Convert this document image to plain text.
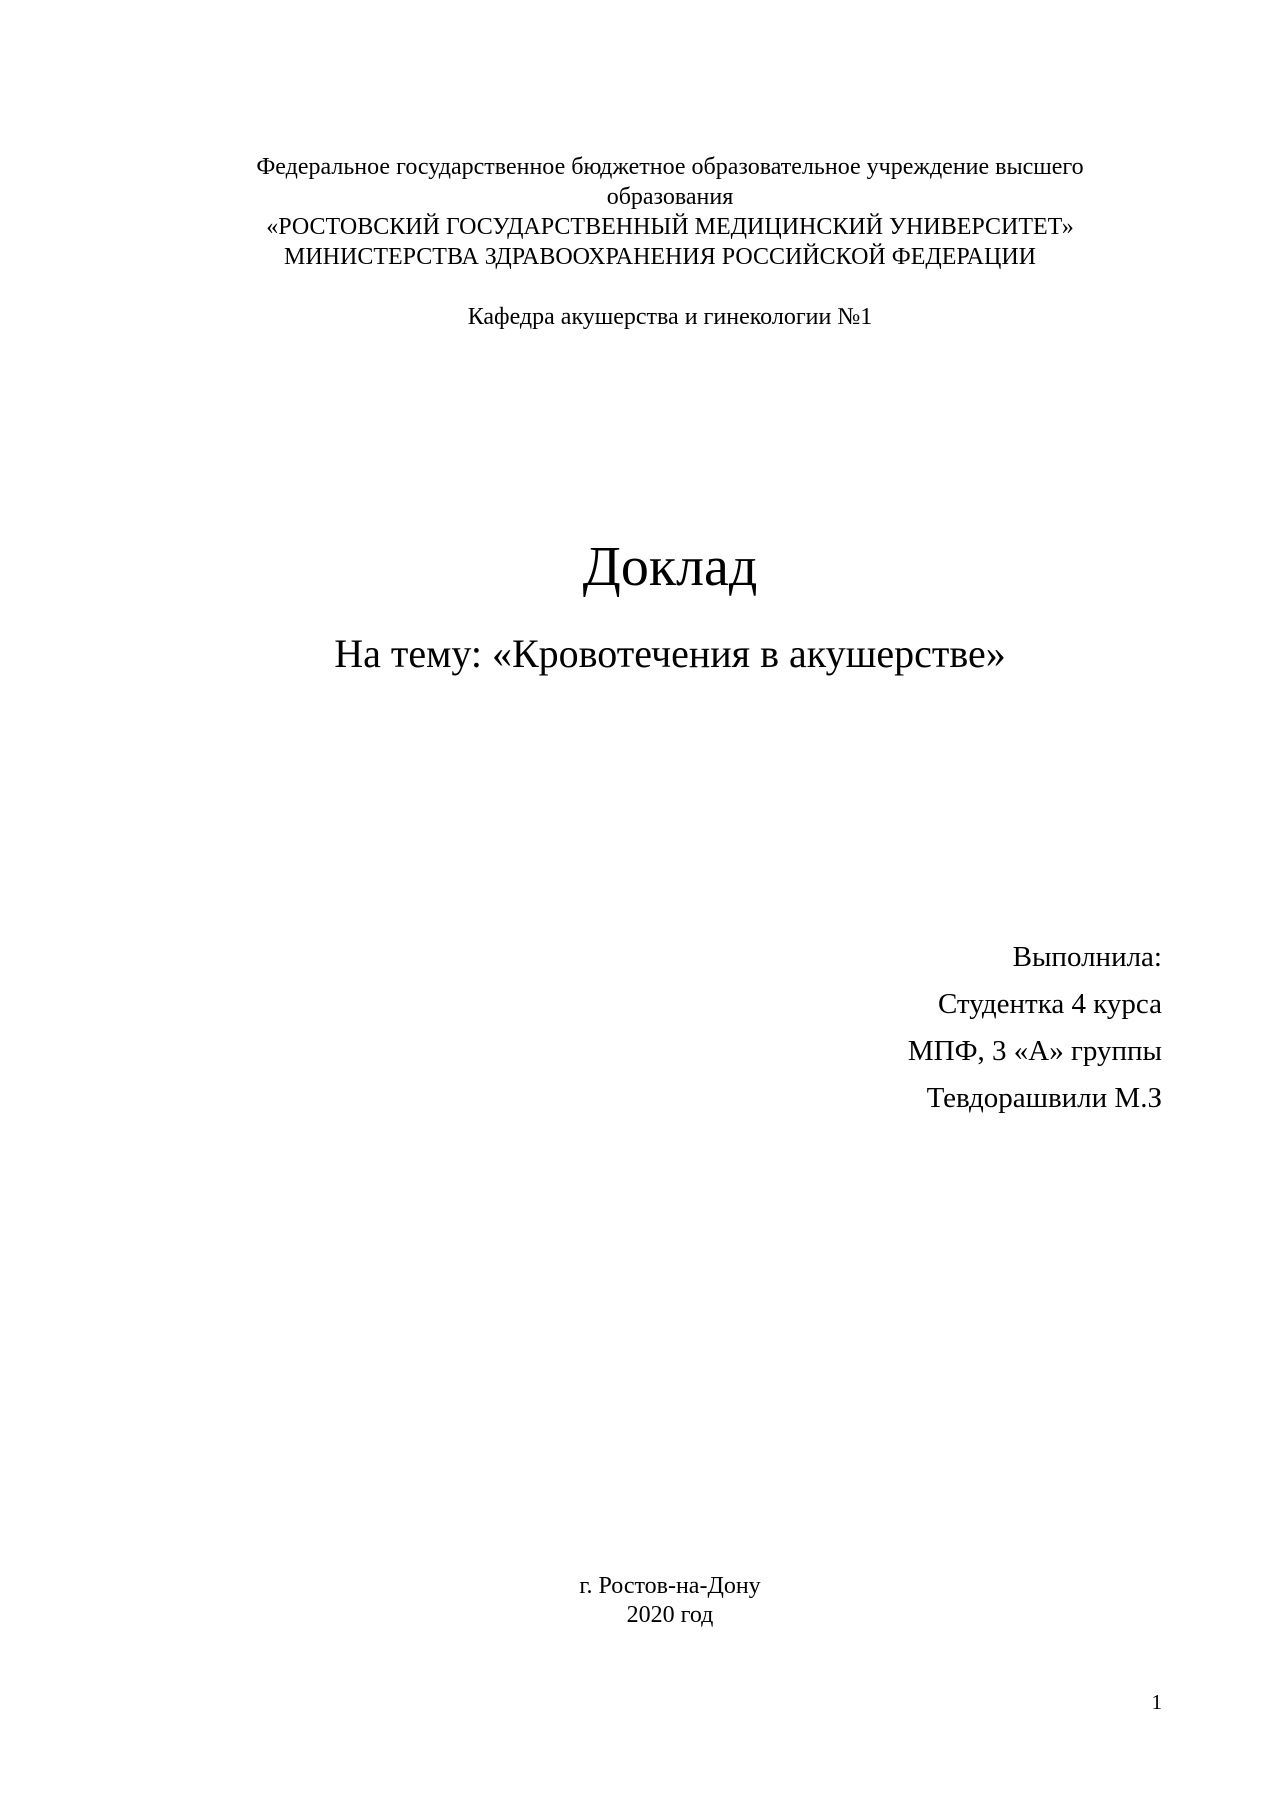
Федеральное государственное бюджетное образовательное учреждение высшего
образования
«РОСТОВСКИЙ ГОСУДАРСТВЕННЫЙ МЕДИЦИНСКИЙ УНИВЕРСИТЕТ»
МИНИСТЕРСТВА ЗДРАВООХРАНЕНИЯ РОССИЙСКОЙ ФЕДЕРАЦИИ
Кафедра акушерства и гинекологии №1
Доклад
На тему: «Кровотечения в акушерстве»
Выполнила:
Студентка 4 курса
МПФ, 3 «А» группы
Тевдорашвили М.З
г. Ростов-на-Дону
2020 год
1
